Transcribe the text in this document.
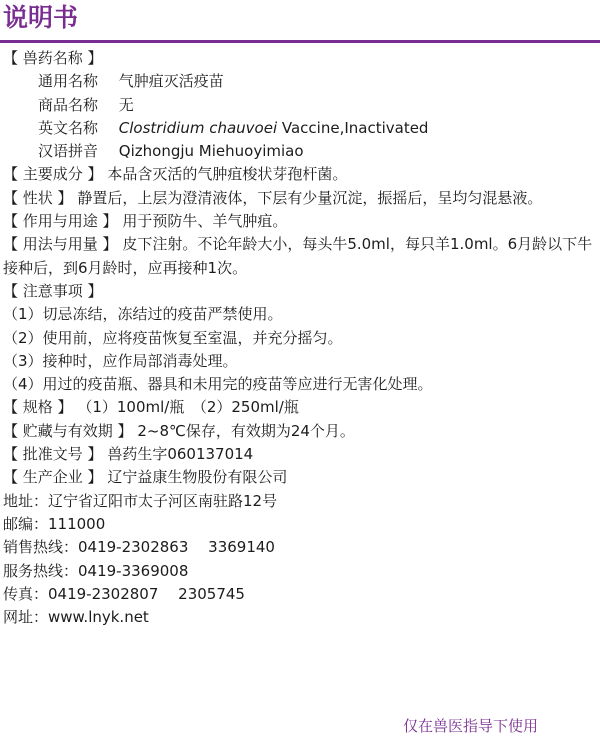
说明书
【 兽药名称 】
通用名称 气肿疽灭活疫苗
商品名称 无
英文名称 Clostridium chauvoei Vaccine,Inactivated
汉语拼音 Qizhongju Miehuoyimiao
【 主要成分 】 本品含灭活的气肿疽梭状芽孢杆菌。
【 性状 】 静置后，上层为澄清液体，下层有少量沉淀，振摇后，呈均匀混悬液。
【 作用与用途 】 用于预防牛、羊气肿疽。
【 用法与用量 】 皮下注射。不论年龄大小，每头牛5.0ml，每只羊1.0ml。6月龄以下牛接种后，到6月龄时，应再接种1次。
【 注意事项 】
（1）切忌冻结，冻结过的疫苗严禁使用。
（2）使用前，应将疫苗恢复至室温，并充分摇匀。
（3）接种时，应作局部消毒处理。
（4）用过的疫苗瓶、器具和未用完的疫苗等应进行无害化处理。
【 规格 】 （1）100ml/瓶　（2）250ml/瓶
【 贮藏与有效期 】 2~8℃保存，有效期为24个月。
【 批准文号 】 兽药生字060137014
【 生产企业 】 辽宁益康生物股份有限公司
地址：辽宁省辽阳市太子河区南驻路12号
邮编：111000
销售热线：0419-2302863　 3369140
服务热线：0419-3369008
传真：0419-2302807　 2305745
网址：www.lnyk.net
仅在兽医指导下使用
